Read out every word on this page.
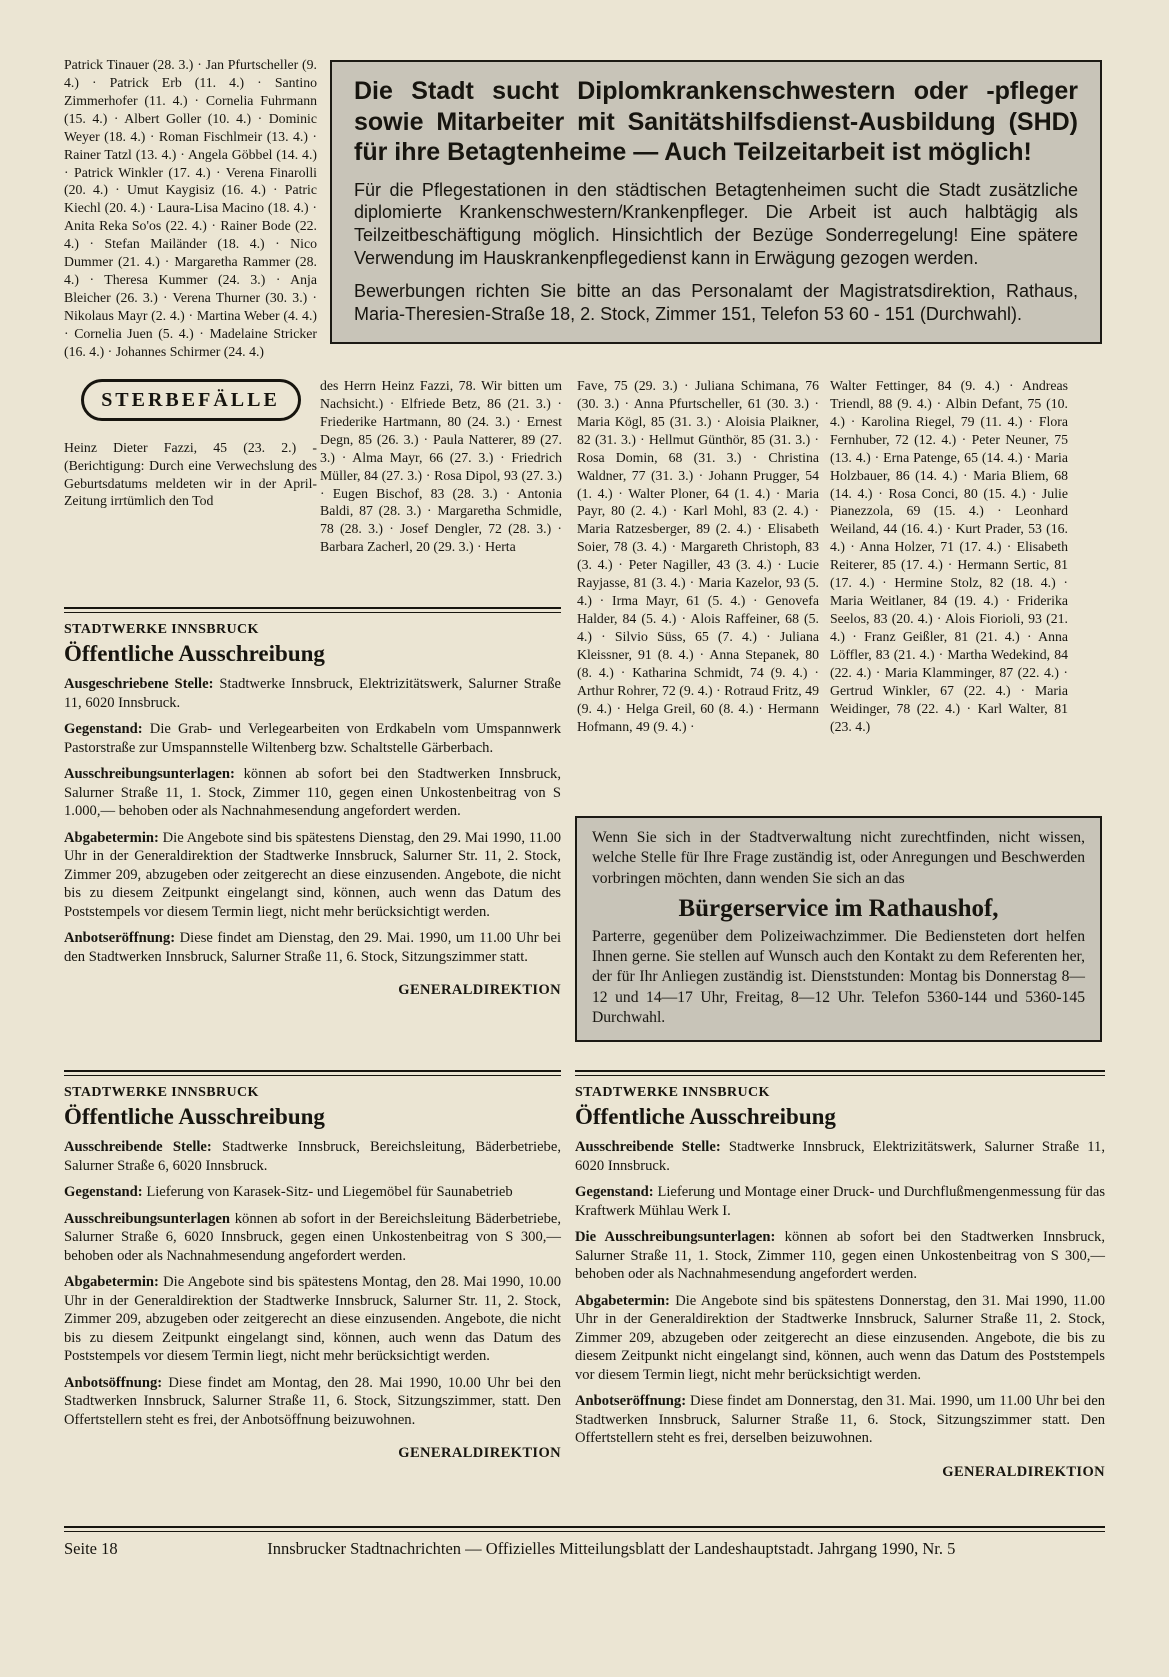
Patrick Tinauer (28. 3.) · Jan Pfurtscheller (9. 4.) · Patrick Erb (11. 4.) · Santino Zimmerhofer (11. 4.) · Cornelia Fuhrmann (15. 4.) · Albert Goller (10. 4.) · Dominic Weyer (18. 4.) · Roman Fischlmeir (13. 4.) · Rainer Tatzl (13. 4.) · Angela Göbbel (14. 4.) · Patrick Winkler (17. 4.) · Verena Finarolli (20. 4.) · Umut Kaygisiz (16. 4.) · Patric Kiechl (20. 4.) · Laura-Lisa Macino (18. 4.) · Anita Reka So'os (22. 4.) · Rainer Bode (22. 4.) · Stefan Mailänder (18. 4.) · Nico Dummer (21. 4.) · Margaretha Rammer (28. 4.) · Theresa Kummer (24. 3.) · Anja Bleicher (26. 3.) · Verena Thurner (30. 3.) · Nikolaus Mayr (2. 4.) · Martina Weber (4. 4.) · Cornelia Juen (5. 4.) · Madelaine Stricker (16. 4.) · Johannes Schirmer (24. 4.)

STERBEFÄLLE

Heinz Dieter Fazzi, 45 (23. 2.) - (Berichtigung: Durch eine Verwechslung des Geburtsdatums meldeten wir in der April-Zeitung irrtümlich den Tod

Die Stadt sucht Diplomkrankenschwestern oder -pfleger sowie Mitarbeiter mit Sanitätshilfsdienst-Ausbildung (SHD) für ihre Betagtenheime — Auch Teilzeitarbeit ist möglich!

Für die Pflegestationen in den städtischen Betagtenheimen sucht die Stadt zusätzliche diplomierte Krankenschwestern/Krankenpfleger. Die Arbeit ist auch halbtägig als Teilzeitbeschäftigung möglich. Hinsichtlich der Bezüge Sonderregelung! Eine spätere Verwendung im Hauskrankenpflegedienst kann in Erwägung gezogen werden.

Bewerbungen richten Sie bitte an das Personalamt der Magistratsdirektion, Rathaus, Maria-Theresien-Straße 18, 2. Stock, Zimmer 151, Telefon 53 60 - 151 (Durchwahl).

des Herrn Heinz Fazzi, 78. Wir bitten um Nachsicht.) · Elfriede Betz, 86 (21. 3.) · Friederike Hartmann, 80 (24. 3.) · Ernest Degn, 85 (26. 3.) · Paula Natterer, 89 (27. 3.) · Alma Mayr, 66 (27. 3.) · Friedrich Müller, 84 (27. 3.) · Rosa Dipol, 93 (27. 3.) · Eugen Bischof, 83 (28. 3.) · Antonia Baldi, 87 (28. 3.) · Margaretha Schmidle, 78 (28. 3.) · Josef Dengler, 72 (28. 3.) · Barbara Zacherl, 20 (29. 3.) · Herta

Fave, 75 (29. 3.) · Juliana Schimana, 76 (30. 3.) · Anna Pfurtscheller, 61 (30. 3.) · Maria Kögl, 85 (31. 3.) · Aloisia Plaikner, 82 (31. 3.) · Hellmut Günthör, 85 (31. 3.) · Rosa Domin, 68 (31. 3.) · Christina Waldner, 77 (31. 3.) · Johann Prugger, 54 (1. 4.) · Walter Ploner, 64 (1. 4.) · Maria Payr, 80 (2. 4.) · Karl Mohl, 83 (2. 4.) · Maria Ratzesberger, 89 (2. 4.) · Elisabeth Soier, 78 (3. 4.) · Margareth Christoph, 83 (3. 4.) · Peter Nagiller, 43 (3. 4.) · Lucie Rayjasse, 81 (3. 4.) · Maria Kazelor, 93 (5. 4.) · Irma Mayr, 61 (5. 4.) · Genovefa Halder, 84 (5. 4.) · Alois Raffeiner, 68 (5. 4.) · Silvio Süss, 65 (7. 4.) · Juliana Kleissner, 91 (8. 4.) · Anna Stepanek, 80 (8. 4.) · Katharina Schmidt, 74 (9. 4.) · Arthur Rohrer, 72 (9. 4.) · Rotraud Fritz, 49 (9. 4.) · Helga Greil, 60 (8. 4.) · Hermann Hofmann, 49 (9. 4.) ·

Walter Fettinger, 84 (9. 4.) · Andreas Triendl, 88 (9. 4.) · Albin Defant, 75 (10. 4.) · Karolina Riegel, 79 (11. 4.) · Flora Fernhuber, 72 (12. 4.) · Peter Neuner, 75 (13. 4.) · Erna Patenge, 65 (14. 4.) · Maria Holzbauer, 86 (14. 4.) · Maria Bliem, 68 (14. 4.) · Rosa Conci, 80 (15. 4.) · Julie Pianezzola, 69 (15. 4.) · Leonhard Weiland, 44 (16. 4.) · Kurt Prader, 53 (16. 4.) · Anna Holzer, 71 (17. 4.) · Elisabeth Reiterer, 85 (17. 4.) · Hermann Sertic, 81 (17. 4.) · Hermine Stolz, 82 (18. 4.) · Maria Weitlaner, 84 (19. 4.) · Friderika Seelos, 83 (20. 4.) · Alois Fiorioli, 93 (21. 4.) · Franz Geißler, 81 (21. 4.) · Anna Löffler, 83 (21. 4.) · Martha Wedekind, 84 (22. 4.) · Maria Klamminger, 87 (22. 4.) · Gertrud Winkler, 67 (22. 4.) · Maria Weidinger, 78 (22. 4.) · Karl Walter, 81 (23. 4.)

STADTWERKE INNSBRUCK
Öffentliche Ausschreibung

Ausgeschriebene Stelle: Stadtwerke Innsbruck, Elektrizitätswerk, Salurner Straße 11, 6020 Innsbruck.

Gegenstand: Die Grab- und Verlegearbeiten von Erdkabeln vom Umspannwerk Pastorstraße zur Umspannstelle Wiltenberg bzw. Schaltstelle Gärberbach.

Ausschreibungsunterlagen: können ab sofort bei den Stadtwerken Innsbruck, Salurner Straße 11, 1. Stock, Zimmer 110, gegen einen Unkostenbeitrag von S 1.000,— behoben oder als Nachnahmesendung angefordert werden.

Abgabetermin: Die Angebote sind bis spätestens Dienstag, den 29. Mai 1990, 11.00 Uhr in der Generaldirektion der Stadtwerke Innsbruck, Salurner Str. 11, 2. Stock, Zimmer 209, abzugeben oder zeitgerecht an diese einzusenden. Angebote, die nicht bis zu diesem Zeitpunkt eingelangt sind, können, auch wenn das Datum des Poststempels vor diesem Termin liegt, nicht mehr berücksichtigt werden.

Anbotseröffnung: Diese findet am Dienstag, den 29. Mai. 1990, um 11.00 Uhr bei den Stadtwerken Innsbruck, Salurner Straße 11, 6. Stock, Sitzungszimmer statt.

GENERALDIREKTION

Wenn Sie sich in der Stadtverwaltung nicht zurechtfinden, nicht wissen, welche Stelle für Ihre Frage zuständig ist, oder Anregungen und Beschwerden vorbringen möchten, dann wenden Sie sich an das

Bürgerservice im Rathaushof,

Parterre, gegenüber dem Polizeiwachzimmer. Die Bediensteten dort helfen Ihnen gerne. Sie stellen auf Wunsch auch den Kontakt zu dem Referenten her, der für Ihr Anliegen zuständig ist. Dienststunden: Montag bis Donnerstag 8—12 und 14—17 Uhr, Freitag, 8—12 Uhr. Telefon 5360-144 und 5360-145 Durchwahl.

STADTWERKE INNSBRUCK
Öffentliche Ausschreibung

Ausschreibende Stelle: Stadtwerke Innsbruck, Bereichsleitung, Bäderbetriebe, Salurner Straße 6, 6020 Innsbruck.

Gegenstand: Lieferung von Karasek-Sitz- und Liegemöbel für Saunabetrieb

Ausschreibungsunterlagen können ab sofort in der Bereichsleitung Bäderbetriebe, Salurner Straße 6, 6020 Innsbruck, gegen einen Unkostenbeitrag von S 300,— behoben oder als Nachnahmesendung angefordert werden.

Abgabetermin: Die Angebote sind bis spätestens Montag, den 28. Mai 1990, 10.00 Uhr in der Generaldirektion der Stadtwerke Innsbruck, Salurner Str. 11, 2. Stock, Zimmer 209, abzugeben oder zeitgerecht an diese einzusenden. Angebote, die nicht bis zu diesem Zeitpunkt eingelangt sind, können, auch wenn das Datum des Poststempels vor diesem Termin liegt, nicht mehr berücksichtigt werden.

Anbotsöffnung: Diese findet am Montag, den 28. Mai 1990, 10.00 Uhr bei den Stadtwerken Innsbruck, Salurner Straße 11, 6. Stock, Sitzungszimmer, statt. Den Offertstellern steht es frei, der Anbotsöffnung beizuwohnen.

GENERALDIREKTION
STADTWERKE INNSBRUCK
Öffentliche Ausschreibung

Ausschreibende Stelle: Stadtwerke Innsbruck, Elektrizitätswerk, Salurner Straße 11, 6020 Innsbruck.

Gegenstand: Lieferung und Montage einer Druck- und Durchflußmengenmessung für das Kraftwerk Mühlau Werk I.

Die Ausschreibungsunterlagen: können ab sofort bei den Stadtwerken Innsbruck, Salurner Straße 11, 1. Stock, Zimmer 110, gegen einen Unkostenbeitrag von S 300,— behoben oder als Nachnahmesendung angefordert werden.

Abgabetermin: Die Angebote sind bis spätestens Donnerstag, den 31. Mai 1990, 11.00 Uhr in der Generaldirektion der Stadtwerke Innsbruck, Salurner Straße 11, 2. Stock, Zimmer 209, abzugeben oder zeitgerecht an diese einzusenden. Angebote, die bis zu diesem Zeitpunkt nicht eingelangt sind, können, auch wenn das Datum des Poststempels vor diesem Termin liegt, nicht mehr berücksichtigt werden.

Anbotseröffnung: Diese findet am Donnerstag, den 31. Mai. 1990, um 11.00 Uhr bei den Stadtwerken Innsbruck, Salurner Straße 11, 6. Stock, Sitzungszimmer statt. Den Offertstellern steht es frei, derselben beizuwohnen.

GENERALDIREKTION
Seite 18	Innsbrucker Stadtnachrichten — Offizielles Mitteilungsblatt der Landeshauptstadt. Jahrgang 1990, Nr. 5
